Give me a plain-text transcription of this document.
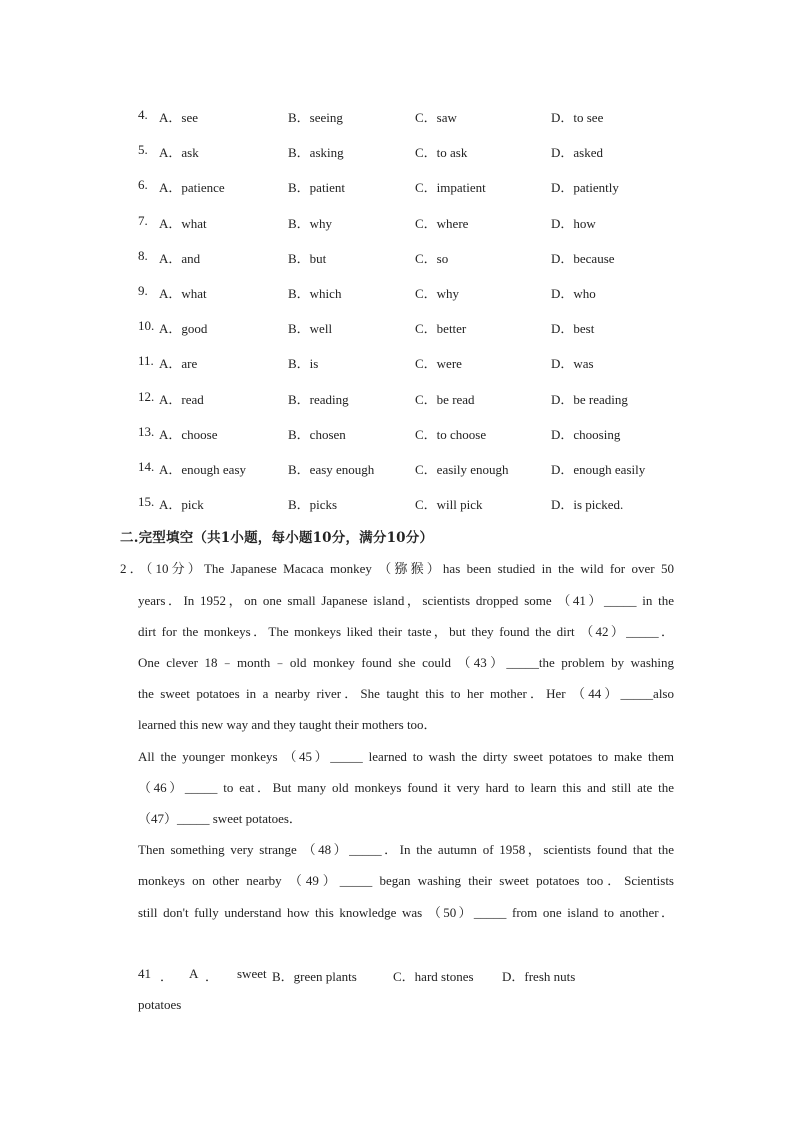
4. A．see	B．seeing	C．saw	D．to see
5. A．ask	B．asking	C．to ask	D．asked
6. A．patience	B．patient	C．impatient	D．patiently
7. A．what	B．why	C．where	D．how
8. A．and	B．but	C．so	D．because
9. A．what	B．which	C．why	D．who
10. A．good	B．well	C．better	D．best
11. A．are	B．is	C．were	D．was
12. A．read	B．reading	C．be read	D．be reading
13. A．choose	B．chosen	C．to choose	D．choosing
14. A．enough easy	B．easy enough	C．easily enough	D．enough easily
15. A．pick	B．picks	C．will pick	D．is picked.
二.完型填空（共1小题，每小题10分，满分10分）
2．（10分）The Japanese Macaca monkey （猕猴）has been studied in the wild for over 50
years．In 1952，on one small Japanese island，scientists dropped some （41）_____ in the
dirt for the monkeys．The monkeys liked their taste，but they found the dirt （42）_____．
One clever 18﹣month﹣old monkey found she could （43）_____the problem by washing
the sweet potatoes in a nearby river．She taught this to her mother．Her （44）_____also
learned this new way and they taught their mothers too．
All the younger monkeys （45）_____ learned to wash the dirty sweet potatoes to make them
（46）_____ to eat．But many old monkeys found it very hard to learn this and still ate the
（47）_____ sweet potatoes．
Then something very strange （48）_____．In the autumn of 1958，scientists found that the
monkeys on other nearby （49）_____ began washing their sweet potatoes too．Scientists
still don't fully understand how this knowledge was （50）_____ from one island to another．
41 ． A ． sweet B．green plants	C．hard stones D．fresh nuts
potatoes
